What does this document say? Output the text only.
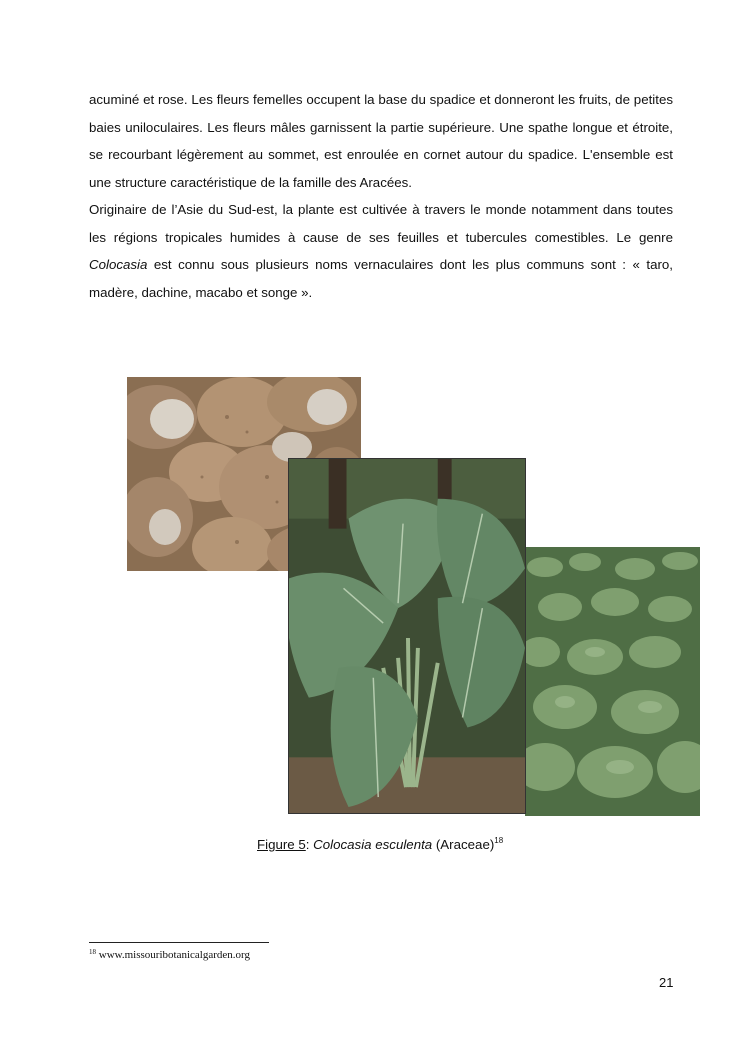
acuminé et rose. Les fleurs femelles occupent la base du spadice et donneront les fruits, de petites baies uniloculaires. Les fleurs mâles garnissent la partie supérieure. Une spathe longue et étroite, se recourbant légèrement au sommet, est enroulée en cornet autour du spadice. L'ensemble est une structure caractéristique de la famille des Aracées.

Originaire de l’Asie du Sud-est, la plante est cultivée à travers le monde notamment dans toutes les régions tropicales humides à cause de ses feuilles et tubercules comestibles. Le genre Colocasia est connu sous plusieurs noms vernaculaires dont les plus communs sont : « taro, madère, dachine, macabo et songe ».

Figure 5: Colocasia esculenta (Araceae)$^{18}$
$^{18}$ www.missouribotanicalgarden.org
21
